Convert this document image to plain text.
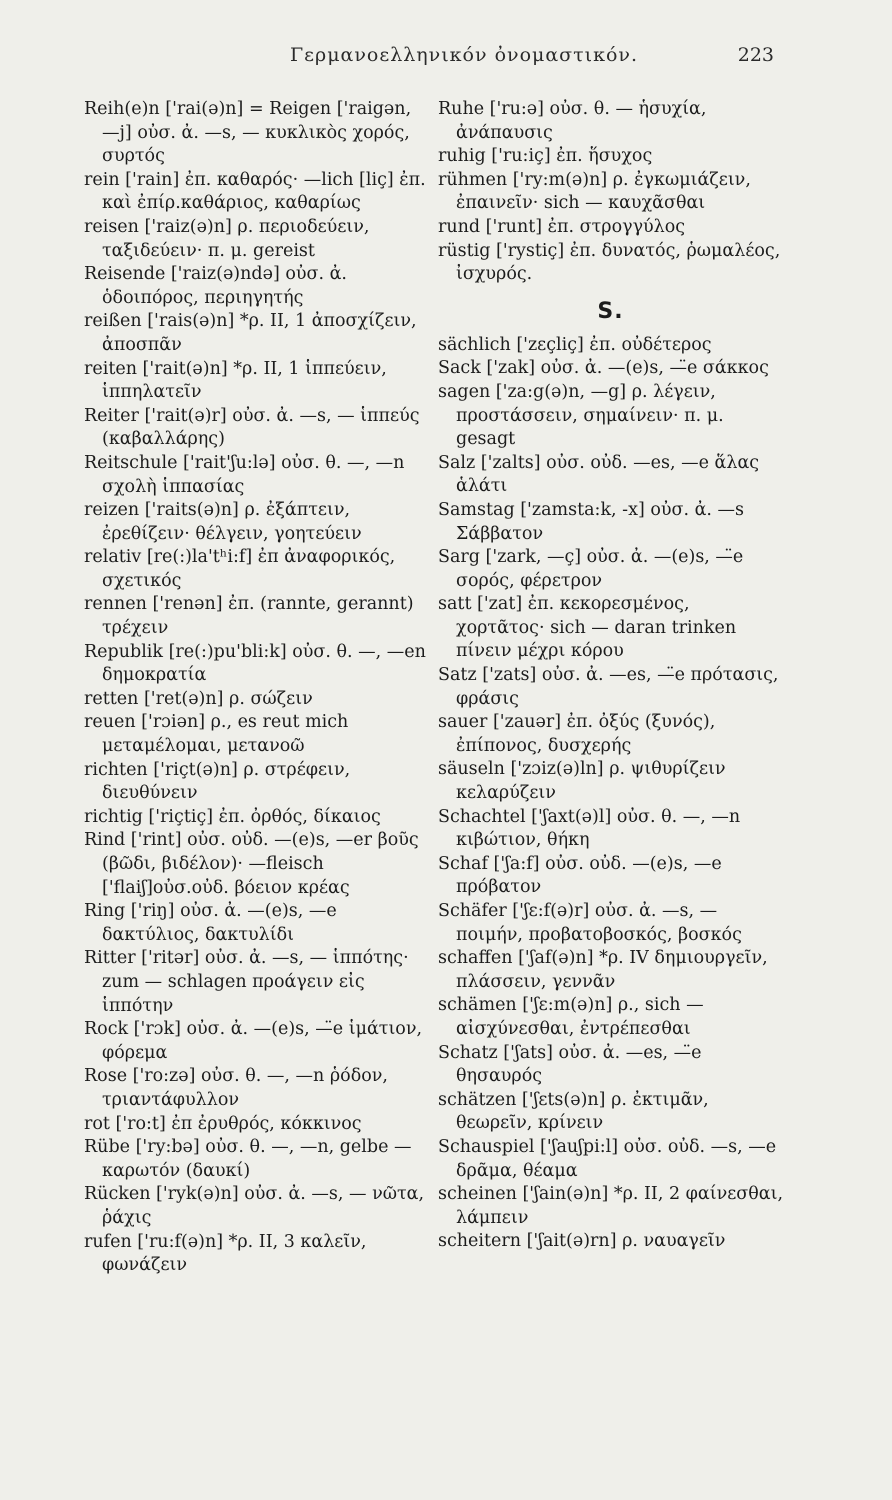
Γερμανοελληνικόν ὀνομαστικόν.	223
Reih(e)n ['rai(ə)n] = Reigen ['raigən, —j] οὐσ. ἀ. —s, — κυκλικὸς χορός, συρτός
rein ['rain] ἐπ. καθαρός· —lich [liç] ἐπ. καὶ ἐπίρ.καθάριος, καθαρίως
reisen ['raiz(ə)n] ρ. περιοδεύειν, ταξιδεύειν· π. μ. gereist
Reisende ['raiz(ə)ndə] οὐσ. ἀ. ὁδοιπόρος, περιηγητής
reißen ['rais(ə)n] *ρ. II, 1 ἀποσχίζειν, ἀποσπᾶν
reiten ['rait(ə)n] *ρ. II, 1 ἱππεύειν, ἱππηλατεῖν
Reiter ['rait(ə)r] οὐσ. ἀ. —s, — ἱππεύς (καβαλλάρης)
Reitschule ['rait'ʃu:lə] οὐσ. θ. —, —n σχολὴ ἱππασίας
reizen ['raits(ə)n] ρ. ἐξάπτειν, ἐρεθίζειν· θέλγειν, γοητεύειν
relativ [re(:)la'tʰi:f] ἐπ ἀναφορικός, σχετικός
rennen ['renən] ἐπ. (rannte, gerannt) τρέχειν
Republik [re(:)pu'bli:k] οὐσ. θ. —, —en δημοκρατία
retten ['ret(ə)n] ρ. σώζειν
reuen ['rɔiən] ρ., es reut mich μεταμέλομαι, μετανοῶ
richten ['riçt(ə)n] ρ. στρέφειν, διευθύνειν
richtig ['riçtiç] ἐπ. ὀρθός, δίκαιος
Rind ['rint] οὐσ. οὐδ. —(e)s, —er βοῦς (βῶδι, βιδέλον)· —fleisch ['flaiʃ]οὐσ.οὐδ. βόειον κρέας
Ring ['riŋ] οὐσ. ἀ. —(e)s, —e δακτύλιος, δακτυλίδι
Ritter ['ritər] οὐσ. ἀ. —s, — ἱππότης· zum — schlagen προάγειν εἰς ἱππότην
Rock ['rɔk] οὐσ. ἀ. —(e)s, —̈e ἱμάτιον, φόρεμα
Rose ['ro:zə] οὐσ. θ. —, —n ῥόδον, τριαντάφυλλον
rot ['ro:t] ἐπ ἐρυθρός, κόκκινος
Rübe ['ry:bə] οὐσ. θ. —, —n, gelbe — καρωτόν (δαυκί)
Rücken ['ryk(ə)n] οὐσ. ἀ. —s, — νῶτα, ῥάχις
rufen ['ru:f(ə)n] *ρ. II, 3 καλεῖν, φωνάζειν
Ruhe ['ru:ə] οὐσ. θ. — ἡσυχία, ἀνάπαυσις
ruhig ['ru:iç] ἐπ. ἥσυχος
rühmen ['ry:m(ə)n] ρ. ἐγκωμιάζειν, ἐπαινεῖν· sich — καυχᾶσθαι
rund ['runt] ἐπ. στρογγύλος
rüstig ['rystiç] ἐπ. δυνατός, ῥωμαλέος, ἰσχυρός.
S.
sächlich ['zɛçliç] ἐπ. οὐδέτερος
Sack ['zak] οὐσ. ἀ. —(e)s, —̈e σάκκος
sagen ['za:g(ə)n, —g] ρ. λέγειν, προστάσσειν, σημαίνειν· π. μ. gesagt
Salz ['zalts] οὐσ. οὐδ. —es, —e ἅλας ἁλάτι
Samstag ['zamsta:k, -x] οὐσ. ἀ. —s Σάββατον
Sarg ['zark, —ç] οὐσ. ἀ. —(e)s, —̈e σορός, φέρετρον
satt ['zat] ἐπ. κεκορεσμένος, χορτᾶτος· sich — daran trinken πίνειν μέχρι κόρου
Satz ['zats] οὐσ. ἀ. —es, —̈e πρότασις, φράσις
sauer ['zauər] ἐπ. ὀξύς (ξυνός), ἐπίπονος, δυσχερής
säuseln ['zɔiz(ə)ln] ρ. ψιθυρίζειν κελαρύζειν
Schachtel ['ʃaxt(ə)l] οὐσ. θ. —, —n κιβώτιον, θήκη
Schaf ['ʃa:f] οὐσ. οὐδ. —(e)s, —e πρόβατον
Schäfer ['ʃɛ:f(ə)r] οὐσ. ἀ. —s, — ποιμήν, προβατοβοσκός, βοσκός
schaffen ['ʃaf(ə)n] *ρ. IV δημιουργεῖν, πλάσσειν, γεννᾶν
schämen ['ʃɛ:m(ə)n] ρ., sich — αἰσχύνεσθαι, ἐντρέπεσθαι
Schatz ['ʃats] οὐσ. ἀ. —es, —̈e θησαυρός
schätzen ['ʃɛts(ə)n] ρ. ἐκτιμᾶν, θεωρεῖν, κρίνειν
Schauspiel ['ʃauʃpi:l] οὐσ. οὐδ. —s, —e δρᾶμα, θέαμα
scheinen ['ʃain(ə)n] *ρ. II, 2 φαίνεσθαι, λάμπειν
scheitern ['ʃait(ə)rn] ρ. ναυαγεῖν
